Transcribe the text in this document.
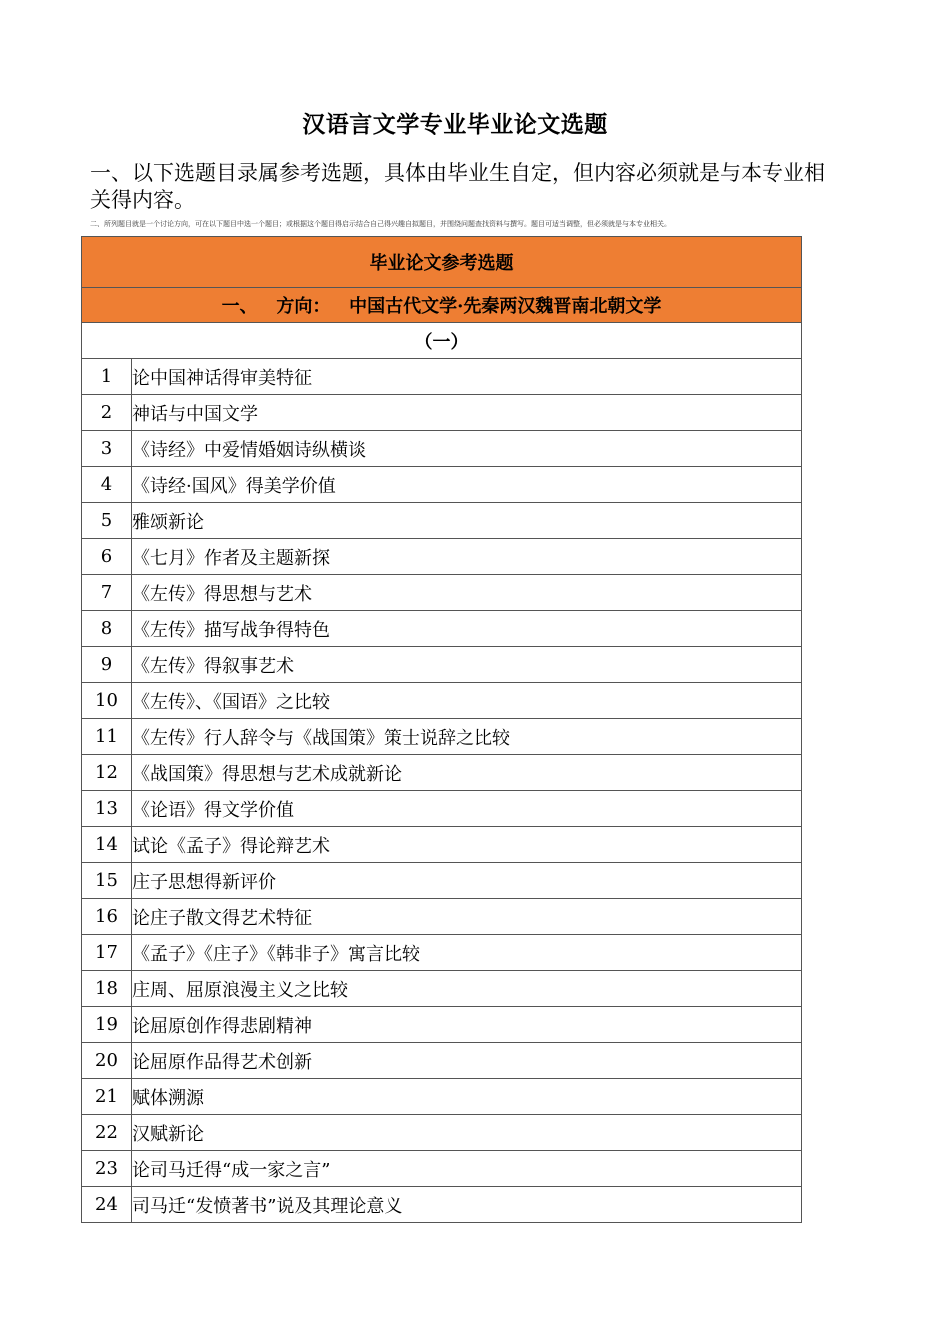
汉语言文学专业毕业论文选题
一、以下选题目录属参考选题，具体由毕业生自定，但内容必须就是与本专业相关得内容。
二、所列题目就是一个讨论方向，可在以下题目中选一个题目；或根据这个题目得启示结合自己得兴趣自拟题目，并围绕问题查找资料与撰写。题目可适当调整，但必须就是与本专业相关。
毕业论文参考选题	
一、   方向：   中国古代文学·先秦两汉魏晋南北朝文学	
（一）	
1	论中国神话得审美特征
2	神话与中国文学
3	《诗经》中爱情婚姻诗纵横谈
4	《诗经·国风》得美学价值
5	雅颂新论
6	《七月》作者及主题新探
7	《左传》得思想与艺术
8	《左传》描写战争得特色
9	《左传》得叙事艺术
10	《左传》、《国语》之比较
11	《左传》行人辞令与《战国策》策士说辞之比较
12	《战国策》得思想与艺术成就新论
13	《论语》得文学价值
14	试论《孟子》得论辩艺术
15	庄子思想得新评价
16	论庄子散文得艺术特征
17	《孟子》《庄子》《韩非子》寓言比较
18	庄周、屈原浪漫主义之比较
19	论屈原创作得悲剧精神
20	论屈原作品得艺术创新
21	赋体溯源
22	汉赋新论
23	论司马迁得“成一家之言”
24	司马迁“发愤著书”说及其理论意义
